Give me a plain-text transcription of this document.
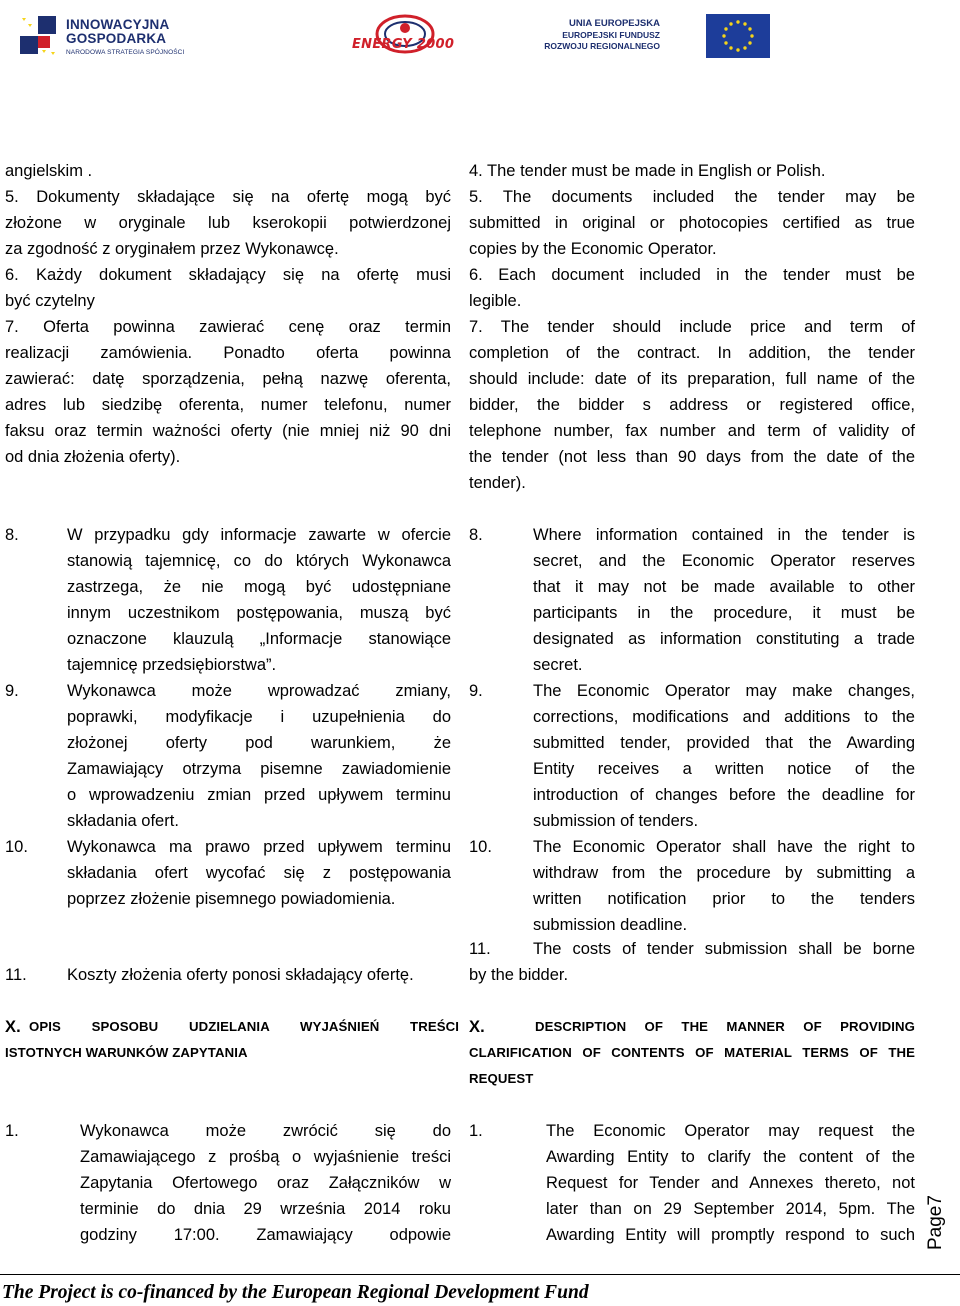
INNOWACYJNA
GOSPODARKA
NARODOWA STRATEGIA SPÓJNOŚCI
ENERGY 2000
UNIA EUROPEJSKA
EUROPEJSKI FUNDUSZ
ROZWOJU REGIONALNEGO
angielskim .
5. Dokumenty składające się na ofertę mogą być
złożone w oryginale lub kserokopii potwierdzonej
za zgodność z oryginałem przez Wykonawcę.
6. Każdy dokument składający się na ofertę musi
być czytelny
7. Oferta powinna zawierać cenę oraz termin
realizacji zamówienia. Ponadto oferta powinna
zawierać: datę sporządzenia, pełną nazwę oferenta,
adres lub siedzibę oferenta, numer telefonu, numer
faksu oraz termin ważności oferty (nie mniej niż 90 dni
od dnia złożenia oferty).
8.	W przypadku gdy informacje zawarte w ofercie
stanowią tajemnicę, co do których Wykonawca
zastrzega, że nie mogą być udostępniane
innym uczestnikom postępowania, muszą być
oznaczone klauzulą „Informacje stanowiące
tajemnicę przedsiębiorstwa”.
9.	Wykonawca może wprowadzać zmiany,
poprawki, modyfikacje i uzupełnienia do
złożonej oferty pod warunkiem, że
Zamawiający otrzyma pisemne zawiadomienie
o wprowadzeniu zmian przed upływem terminu
składania ofert.
10. Wykonawca ma prawo przed upływem terminu
składania ofert wycofać się z postępowania
poprzez złożenie pisemnego powiadomienia.
11. Koszty złożenia oferty ponosi składający ofertę.
X. OPIS SPOSOBU UDZIELANIA WYJAŚNIEŃ TREŚCI
ISTOTNYCH WARUNKÓW ZAPYTANIA
1.	Wykonawca może zwrócić się do
Zamawiającego z prośbą o wyjaśnienie treści
Zapytania Ofertowego oraz Załączników w
terminie do dnia 29 września 2014 roku
godziny 17:00. Zamawiający odpowie
4. The tender must be made in English or Polish.
5. The documents included the tender may be
submitted in original or photocopies certified as true
copies by the Economic Operator.
6. Each document included in the tender must be
legible.
7. The tender should include price and term of
completion of the contract. In addition, the tender
should include: date of its preparation, full name of the
bidder, the bidder s address or registered office,
telephone number, fax number and term of validity of
the tender (not less than 90 days from the date of the
tender).
8.	Where information contained in the tender is
secret, and the Economic Operator reserves
that it may not be made available to other
participants in the procedure, it must be
designated as information constituting a trade
secret.
9.	The Economic Operator may make changes,
corrections, modifications and additions to the
submitted tender, provided that the Awarding
Entity receives a written notice of the
introduction of changes before the deadline for
submission of tenders.
10. The Economic Operator shall have the right to
withdraw from the procedure by submitting a
written notification prior to the tenders
submission deadline.
11.	The costs of tender submission shall be borne
by the bidder.
X.	DESCRIPTION OF THE MANNER OF PROVIDING
CLARIFICATION OF CONTENTS OF MATERIAL TERMS OF THE
REQUEST
1.	The Economic Operator may request the
Awarding Entity to clarify the content of the
Request for Tender and Annexes thereto, not
later than on 29 September 2014, 5pm. The
Awarding Entity will promptly respond to such
The Project is co-financed by the European Regional Development Fund
Page7
